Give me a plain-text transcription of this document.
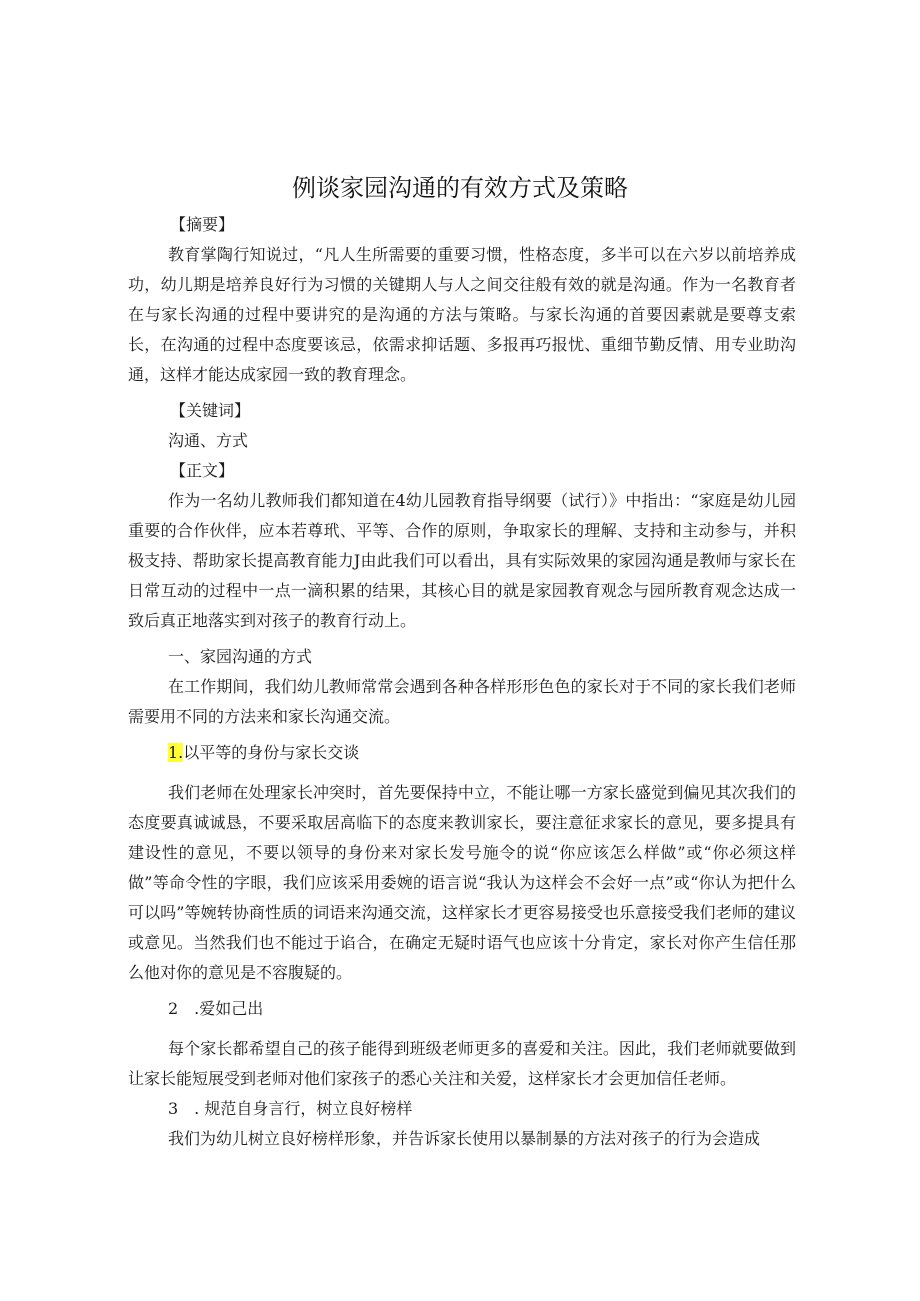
例谈家园沟通的有效方式及策略

【摘要】

教育掌陶行知说过，“凡人生所需要的重要习惯，性格态度，多半可以在六岁以前培养成功，幼儿期是培养良好行为习惯的关键期人与人之间交往般有效的就是沟通。作为一名教育者在与家长沟通的过程中要讲究的是沟通的方法与策略。与家长沟通的首要因素就是要尊支索长，在沟通的过程中态度要该忌，依需求抑话题、多报再巧报忧、重细节勤反情、用专业助沟通，这样才能达成家园一致的教育理念。

【关键词】

沟通、方式

【正文】

作为一名幼儿教师我们都知道在4幼儿园教育指导纲要（试行）》中指出：“家庭是幼儿园重要的合作伙伴，应本若尊玳、平等、合作的原则，争取家长的理解、支持和主动参与，并积极支持、帮助家长提高教育能力J由此我们可以看出，具有实际效果的家园沟通是教师与家长在日常互动的过程中一点一滴积累的结果，其核心目的就是家园教育观念与园所教育观念达成一致后真正地落实到对孩子的教育行动上。

一、家园沟通的方式

在工作期间，我们幼儿教师常常会遇到各种各样形形色色的家长对于不同的家长我们老师需要用不同的方法来和家长沟通交流。

1.以平等的身份与家长交谈

我们老师在处理家长冲突时，首先要保持中立，不能让哪一方家长盛觉到偏见其次我们的态度要真诚诚恳，不要采取居高临下的态度来教训家长，要注意征求家长的意见，要多提具有建设性的意见，不要以领导的身份来对家长发号施令的说“你应该怎么样做”或“你必须这样做”等命令性的字眼，我们应该采用委婉的语言说“我认为这样会不会好一点”或“你认为把什么可以吗”等婉转协商性质的词语来沟通交流，这样家长才更容易接受也乐意接受我们老师的建议或意见。当然我们也不能过于谄合，在确定无疑时语气也应该十分肯定，家长对你产生信任那么他对你的意见是不容腹疑的。

2　.爱如己出

每个家长都希望自己的孩子能得到班级老师更多的喜爱和关注。因此，我们老师就要做到让家长能短展受到老师对他们家孩子的悉心关注和关爱，这样家长才会更加信任老师。

3　. 规范自身言行，树立良好榜样

我们为幼儿树立良好榜样形象，并告诉家长使用以暴制暴的方法对孩子的行为会造成
